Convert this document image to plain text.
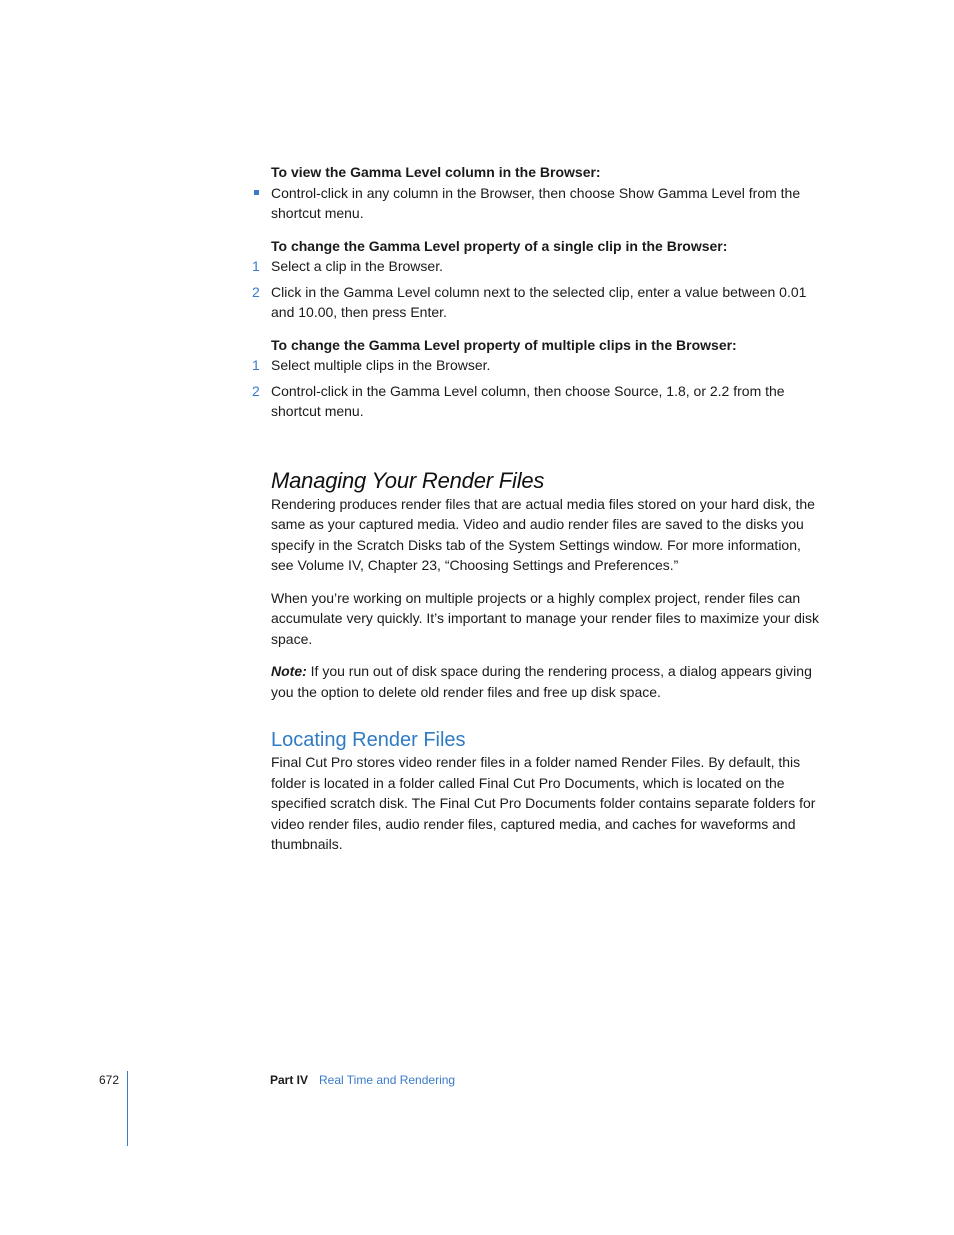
To view the Gamma Level column in the Browser:

Control-click in any column in the Browser, then choose Show Gamma Level from the shortcut menu.

To change the Gamma Level property of a single clip in the Browser:

1 Select a clip in the Browser.
2 Click in the Gamma Level column next to the selected clip, enter a value between 0.01 and 10.00, then press Enter.

To change the Gamma Level property of multiple clips in the Browser:

1 Select multiple clips in the Browser.
2 Control-click in the Gamma Level column, then choose Source, 1.8, or 2.2 from the shortcut menu.
Managing Your Render Files

Rendering produces render files that are actual media files stored on your hard disk, the same as your captured media. Video and audio render files are saved to the disks you specify in the Scratch Disks tab of the System Settings window. For more information, see Volume IV, Chapter 23, “Choosing Settings and Preferences.”

When you’re working on multiple projects or a highly complex project, render files can accumulate very quickly. It’s important to manage your render files to maximize your disk space.

Note: If you run out of disk space during the rendering process, a dialog appears giving you the option to delete old render files and free up disk space.

Locating Render Files

Final Cut Pro stores video render files in a folder named Render Files. By default, this folder is located in a folder called Final Cut Pro Documents, which is located on the specified scratch disk. The Final Cut Pro Documents folder contains separate folders for video render files, audio render files, captured media, and caches for waveforms and thumbnails.

672	Part IV Real Time and Rendering
